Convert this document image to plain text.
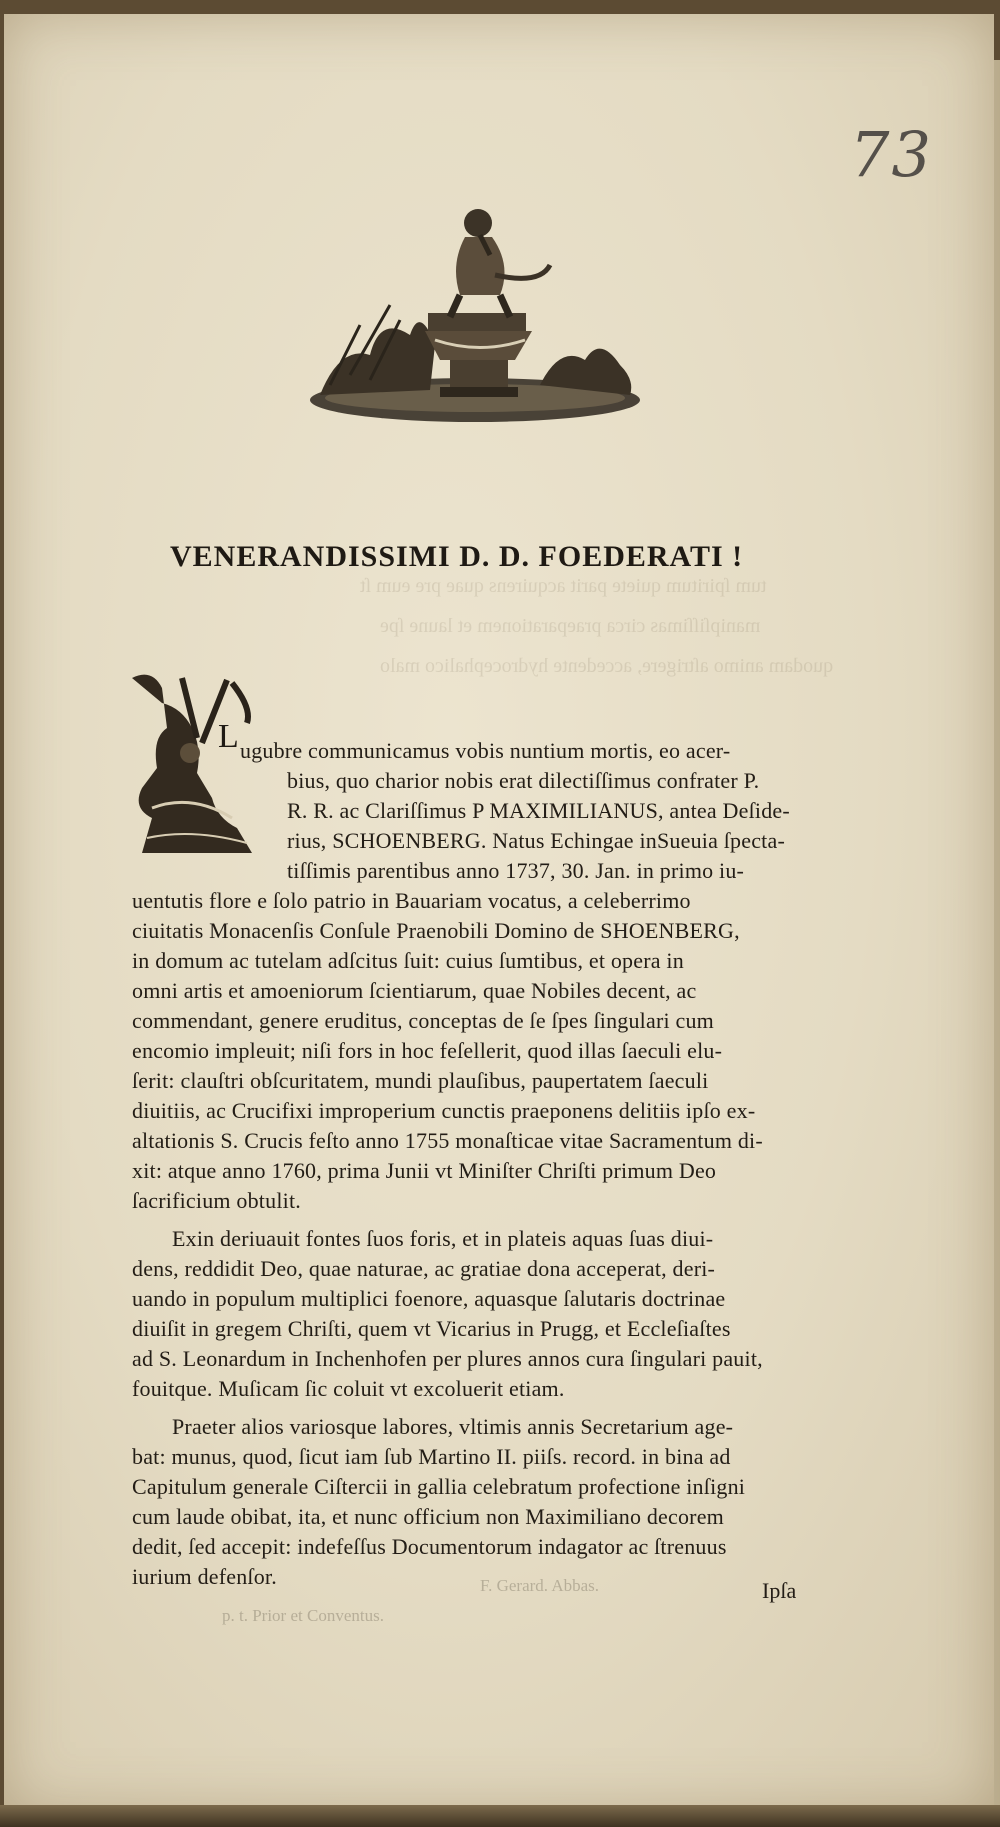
73
tum ſpiritum quiete parit acquirens quae pre eum ſt
manipſiſſimas circa praeparationem et laune ſpe
quodam animo aſtrigere, accedente hydrocephalico malo
VENERANDISSIMI D. D. FOEDERATI !
L ugubre communicamus vobis nuntium mortis, eo acer-
bius, quo charior nobis erat dilectiſſimus confrater P.
R. R. ac Clariſſimus P MAXIMILIANUS, antea Deſide-
rius, SCHOENBERG. Natus Echingae inSueuia ſpecta-
tiſſimis parentibus anno 1737, 30. Jan. in primo iu-
uentutis flore e ſolo patrio in Bauariam vocatus, a celeberrimo
ciuitatis Monacenſis Conſule Praenobili Domino de SHOENBERG,
in domum ac tutelam adſcitus ſuit: cuius ſumtibus, et opera in
omni artis et amoeniorum ſcientiarum, quae Nobiles decent, ac
commendant, genere eruditus, conceptas de ſe ſpes ſingulari cum
encomio impleuit; niſi fors in hoc feſellerit, quod illas ſaeculi elu-
ſerit: clauſtri obſcuritatem, mundi plauſibus, paupertatem ſaeculi
diuitiis, ac Crucifixi improperium cunctis praeponens delitiis ipſo ex-
altationis S. Crucis feſto anno 1755 monaſticae vitae Sacramentum di-
xit: atque anno 1760, prima Junii vt Miniſter Chriſti primum Deo
ſacrificium obtulit.
Exin deriuauit fontes ſuos foris, et in plateis aquas ſuas diui-
dens, reddidit Deo, quae naturae, ac gratiae dona acceperat, deri-
uando in populum multiplici foenore, aquasque ſalutaris doctrinae
diuiſit in gregem Chriſti, quem vt Vicarius in Prugg, et Eccleſiaſtes
ad S. Leonardum in Inchenhofen per plures annos cura ſingulari pauit,
fouitque. Muſicam ſic coluit vt excoluerit etiam.
Praeter alios variosque labores, vltimis annis Secretarium age-
bat: munus, quod, ſicut iam ſub Martino II. piiſs. record. in bina ad
Capitulum generale Ciſtercii in gallia celebratum profectione inſigni
cum laude obibat, ita, et nunc officium non Maximiliano decorem
dedit, ſed accepit: indefeſſus Documentorum indagator ac ſtrenuus
iurium defenſor.
Ipſa
F. Gerard. Abbas.
p. t. Prior et Conventus.
